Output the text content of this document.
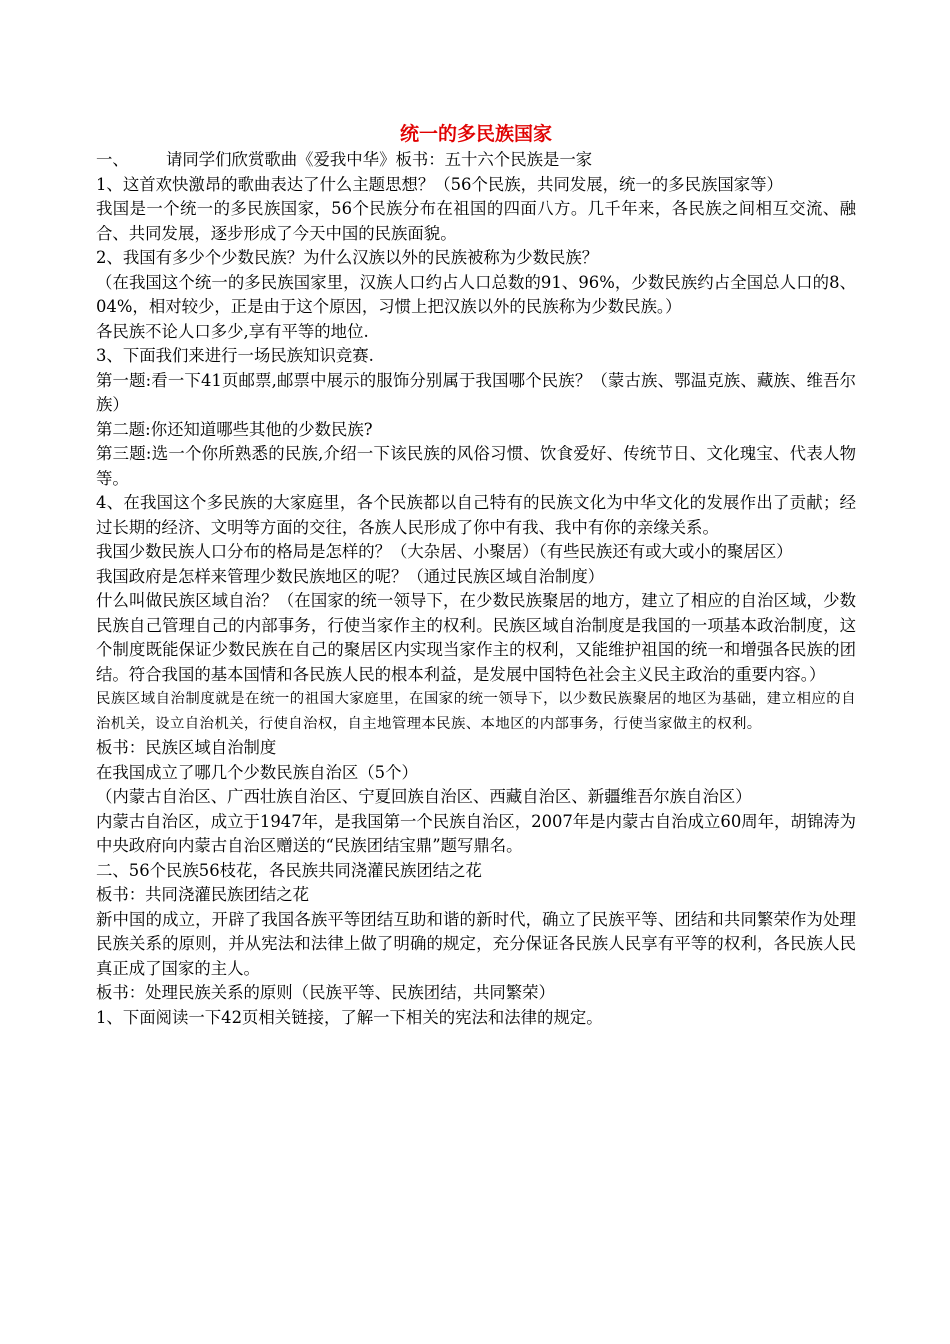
统一的多民族国家

一、 请同学们欣赏歌曲《爱我中华》板书：五十六个民族是一家

1、这首欢快激昂的歌曲表达了什么主题思想？（56个民族，共同发展，统一的多民族国家等）

我国是一个统一的多民族国家，56个民族分布在祖国的四面八方。几千年来，各民族之间相互交流、融合、共同发展，逐步形成了今天中国的民族面貌。

2、我国有多少个少数民族？为什么汉族以外的民族被称为少数民族？

（在我国这个统一的多民族国家里，汉族人口约占人口总数的91、96%，少数民族约占全国总人口的8、04%，相对较少，正是由于这个原因，习惯上把汉族以外的民族称为少数民族。）

各民族不论人口多少,享有平等的地位.

3、下面我们来进行一场民族知识竞赛.

第一题:看一下41页邮票,邮票中展示的服饰分别属于我国哪个民族？（蒙古族、鄂温克族、藏族、维吾尔族）

第二题:你还知道哪些其他的少数民族?

第三题:选一个你所熟悉的民族,介绍一下该民族的风俗习惯、饮食爱好、传统节日、文化瑰宝、代表人物等。

4、在我国这个多民族的大家庭里，各个民族都以自己特有的民族文化为中华文化的发展作出了贡献；经过长期的经济、文明等方面的交往，各族人民形成了你中有我、我中有你的亲缘关系。

我国少数民族人口分布的格局是怎样的？（大杂居、小聚居）（有些民族还有或大或小的聚居区）

我国政府是怎样来管理少数民族地区的呢？（通过民族区域自治制度）

什么叫做民族区域自治？（在国家的统一领导下，在少数民族聚居的地方，建立了相应的自治区域，少数民族自己管理自己的内部事务，行使当家作主的权利。民族区域自治制度是我国的一项基本政治制度，这个制度既能保证少数民族在自己的聚居区内实现当家作主的权利，又能维护祖国的统一和增强各民族的团结。符合我国的基本国情和各民族人民的根本利益，是发展中国特色社会主义民主政治的重要内容。）

民族区域自治制度就是在统一的祖国大家庭里，在国家的统一领导下，以少数民族聚居的地区为基础，建立相应的自治机关，设立自治机关，行使自治权，自主地管理本民族、本地区的内部事务，行使当家做主的权利。

板书：民族区域自治制度

在我国成立了哪几个少数民族自治区（5个）

（内蒙古自治区、广西壮族自治区、宁夏回族自治区、西藏自治区、新疆维吾尔族自治区）

内蒙古自治区，成立于1947年，是我国第一个民族自治区，2007年是内蒙古自治成立60周年，胡锦涛为中央政府向内蒙古自治区赠送的“民族团结宝鼎”题写鼎名。

二、56个民族56枝花，各民族共同浇灌民族团结之花

板书：共同浇灌民族团结之花

新中国的成立，开辟了我国各族平等团结互助和谐的新时代，确立了民族平等、团结和共同繁荣作为处理民族关系的原则，并从宪法和法律上做了明确的规定，充分保证各民族人民享有平等的权利，各民族人民真正成了国家的主人。

板书：处理民族关系的原则（民族平等、民族团结，共同繁荣）

1、下面阅读一下42页相关链接，了解一下相关的宪法和法律的规定。
